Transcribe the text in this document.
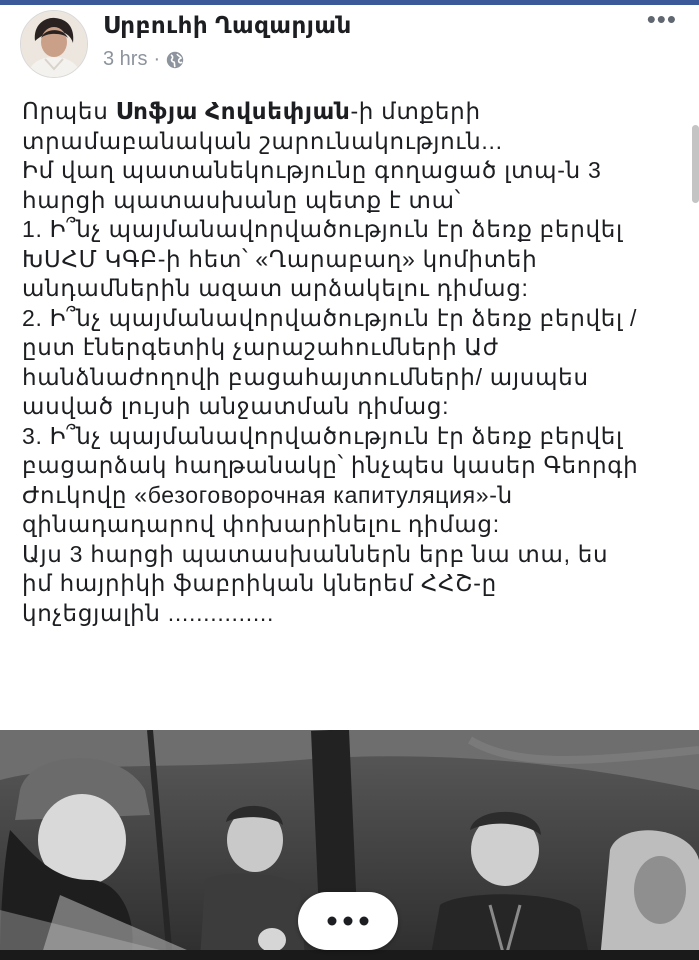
Սրբուհի Ղազարյան
3 hrs ·
•••
Որպես Սոֆյա Հովսեփյան-ի մտքերի
տրամաբանական շարունակություն...
Իմ վաղ պատանեկությունը գողացած լտպ-ն 3
հարցի պատասխանը պետք է տա՝
1. Ի՞նչ պայմանավորվածություն էր ձեռք բերվել
ԽՍՀՄ ԿԳԲ-ի հետ՝ «Ղարաբաղ» կոմիտեի
անդամներին ազատ արձակելու դիմաց:
2. Ի՞նչ պայմանավորվածություն էր ձեռք բերվել /
ըստ էներգետիկ չարաշահումների Աժ
հանձնաժողովի բացահայտումների/ այսպես
ասված լույսի անջատման դիմաց:
3. Ի՞նչ պայմանավորվածություն էր ձեռք բերվել
բացարձակ հաղթանակը՝ ինչպես կասեր Գեորգի
Ժուկովը «безоговорочная капитуляция»-ն
զինադադարով փոխարինելու դիմաց:
Այս 3 հարցի պատասխաններն երբ նա տա, ես
իմ հայրիկի ֆաբրիկան կներեմ ՀՀՇ-ը
կոչեցյալին ...............
